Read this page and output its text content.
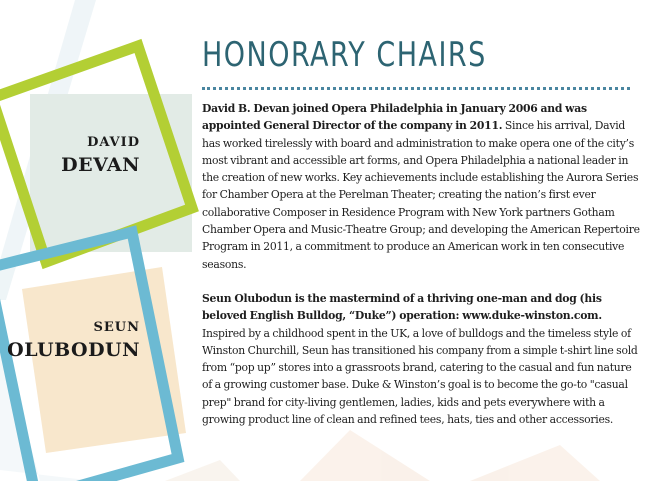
HONORARY CHAIRS
DAVID
DEVAN

David B. Devan joined Opera Philadelphia in January 2006 and was appointed General Director of the company in 2011. Since his arrival, David has worked tirelessly with board and administration to make opera one of the city’s most vibrant and accessible art forms, and Opera Philadelphia a national leader in the creation of new works. Key achievements include establishing the Aurora Series for Chamber Opera at the Perelman Theater; creating the nation’s first ever collaborative Composer in Residence Program with New York partners Gotham Chamber Opera and Music-Theatre Group; and developing the American Repertoire Program in 2011, a commitment to produce an American work in ten consecutive seasons.

SEUN
OLUBODUN

Seun Olubodun is the mastermind of a thriving one-man and dog (his beloved English Bulldog, “Duke”) operation: www.duke-winston.com. Inspired by a childhood spent in the UK, a love of bulldogs and the timeless style of Winston Churchill, Seun has transitioned his company from a simple t-shirt line sold from “pop up” stores into a grassroots brand, catering to the casual and fun nature of a growing customer base. Duke & Winston’s goal is to become the go-to "casual prep" brand for city-living gentlemen, ladies, kids and pets everywhere with a growing product line of clean and refined tees, hats, ties and other accessories.
